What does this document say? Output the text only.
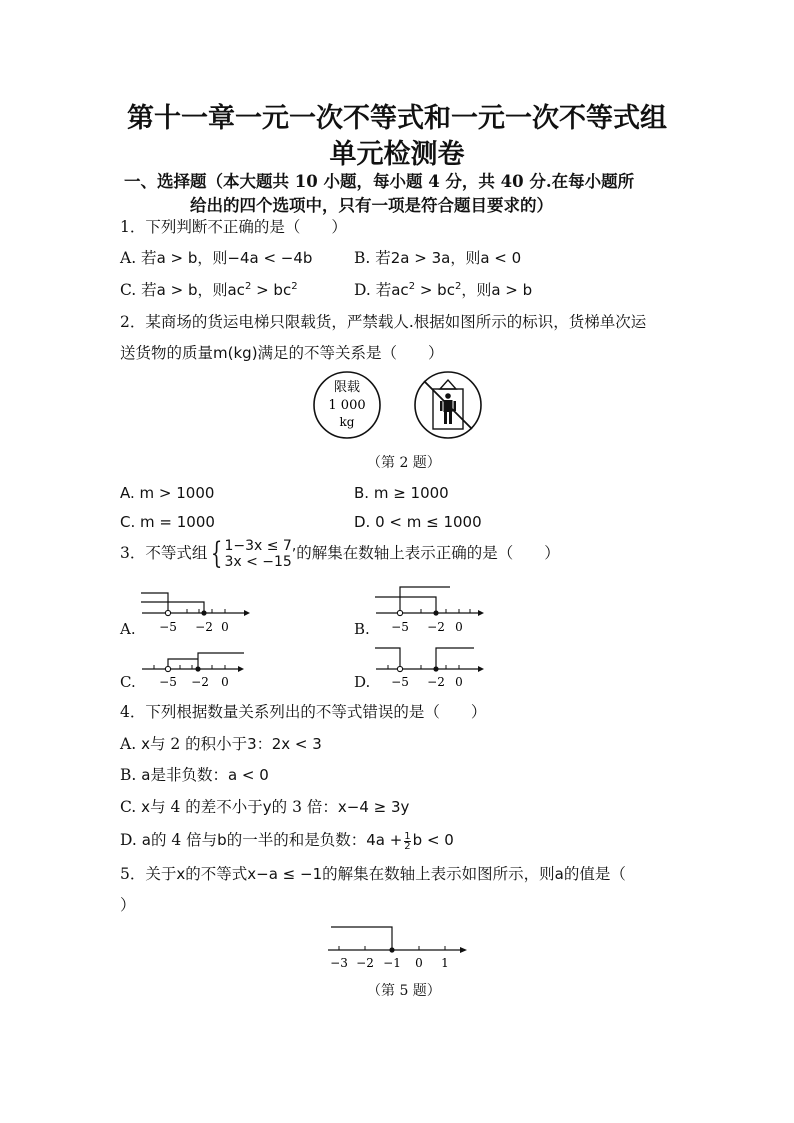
第十一章一元一次不等式和一元一次不等式组
单元检测卷
一、选择题（本大题共 10 小题，每小题 4 分，共 40 分.在每小题所
给出的四个选项中，只有一项是符合题目要求的）
1．下列判断不正确的是（　　）
A. 若a > b，则−4a < −4b	B. 若2a > 3a，则a < 0
C. 若a > b，则$ac^2 > bc^2$	D. 若$ac^2 > bc^2$，则a > b
2．某商场的货运电梯只限载货，严禁载人.根据如图所示的标识，货梯单次运
送货物的质量m(kg)满足的不等关系是（　　）
限载
1 000
kg
（第 2 题）
A. m > 1000	B. m ≥ 1000
C. m = 1000	D. 0 < m ≤ 1000
3．不等式组 { 1−3x ≤ 7,
3x < −15 的解集在数轴上表示正确的是（　　）
A. −5 −2 0	B. −5 −2 0
C. −5 −2 0	D. −5 −2 0
4．下列根据数量关系列出的不等式错误的是（　　）
A. x与 2 的积小于3：2x < 3
B. a是非负数：a < 0
C. x与 4 的差不小于y的 3 倍：x−4 ≥ 3y
D. a的 4 倍与b的一半的和是负数：$4a + \frac{1}{2}$ b < 0
5．关于x的不等式x−a ≤ −1的解集在数轴上表示如图所示，则a的值是（
）
−3 −2 −1 0 1
（第 5 题）
